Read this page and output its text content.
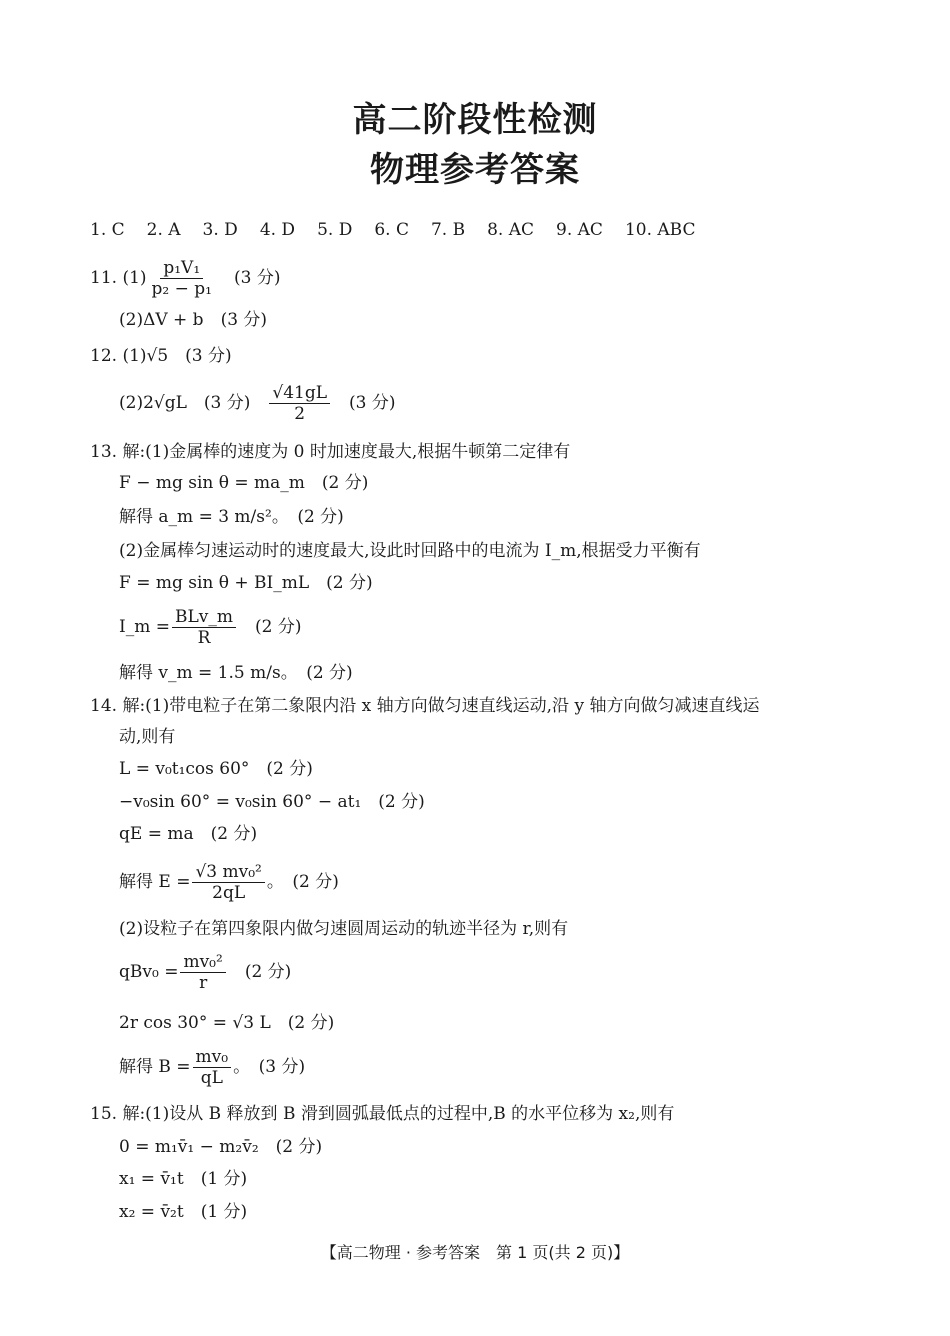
高二阶段性检测
物理参考答案
1. C 2. A 3. D 4. D 5. D 6. C 7. B 8. AC 9. AC 10. ABC
11. $(1) \frac{\text{p₁V₁}}{\text{p₂ − p₁}}$
　 (3 分)
(2)ΔV + b　(3 分)
12. (1)√5　(3 分)
(2)2√gL　(3 分)　 $\frac{√41gL}{2}$
　 (3 分)
13. 解:(1)金属棒的速度为 0 时加速度最大,根据牛顿第二定律有
F − mg sin θ = ma_m　(2 分)
解得 a_m = 3 m/s²。　(2 分)
(2)金属棒匀速运动时的速度最大,设此时回路中的电流为 I_m,根据受力平衡有
F = mg sin θ + BI_mL　(2 分)
I_m = $\frac{\text{BLv\_m}}{R}$
　 (2 分)
解得 v_m = 1.5 m/s。　(2 分)
14. 解:(1)带电粒子在第二象限内沿 x 轴方向做匀速直线运动,沿 y 轴方向做匀减速直线运
动,则有
L = v₀t₁cos 60°　(2 分)
−v₀sin 60° = v₀sin 60° − at₁　(2 分)
qE = ma　(2 分)
解得 $E = \frac{\text{√3 mv₀²}}{2qL}$ 。　(2 分)
(2)设粒子在第四象限内做匀速圆周运动的轨迹半径为 r,则有
$qBv_0 = \frac{\text{mv₀²}}{r}$
　 (2 分)
2r cos 30° = √3 L　(2 分)
解得 $B = \frac{\text{mv₀}}{qL}$ 。　(3 分)
15. 解:(1)设从 B 释放到 B 滑到圆弧最低点的过程中,B 的水平位移为 x₂,则有
0 = m₁v̄₁ − m₂v̄₂　(2 分)
x₁ = v̄₁t　(1 分)
x₂ = v̄₂t　(1 分)
【高二物理 · 参考答案　第 1 页(共 2 页)】
